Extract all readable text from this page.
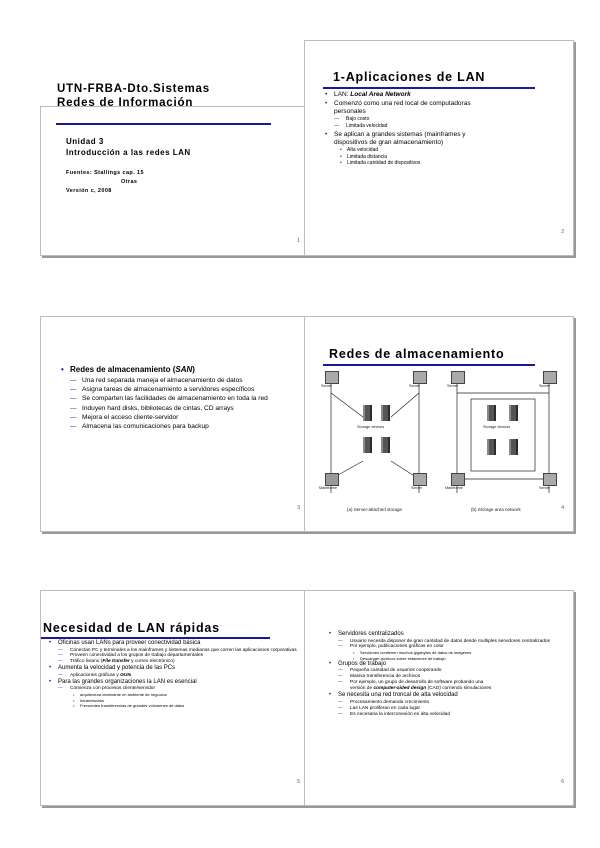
UTN-FRBA-Dto.Sistemas
Redes de Información
Unidad 3
Introducción a las redes LAN
Fuentes: Stallings cap. 15
Otras
Versión c, 2008
1
1-Aplicaciones de LAN
• LAN: Local Area Network
• Comenzó como una red local de computadoras
personales
— Bajo costo
— Limitada velocidad
• Se aplican a grandes sistemas (mainframes y
dispositivos de gran almacenamiento)
• Alta velocidad
• Limitada distancia
• Limitada cantidad de dispositivos
2
• Redes de almacenamiento (SAN)
— Una red separada maneja el almacenamiento de datos
— Asigna tareas de almacenamiento a servidores específicos
— Se comparten las facilidades de almacenamiento en toda la red
— Induyen hard disks, bibliotecas de cintas, CD arrays
— Mejora el acceso cliente-servidor
— Almacena las comunicaciones para backup
3
Redes de almacenamiento
Server	Server
Storage devices
Mainframe	Server
Server	Server
Storage devices
Mainframe	Server
(a) Server-attached storage	(b) Storage area network	4
Necesidad de LAN rápidas
• Oficinas usan LANs para proveer conectividad básica
— Conectan PC y terminales a los mainframes y sistemas medianos que corren las aplicaciones corporativas
— Proveen conectividad a los grupos de trabajo departamentales
— Tráfico liviano (File transfer y correo electrónico)
• Aumenta la velocidad y potencia de las PCs
— Aplicaciones gráficas y GUIs
• Para las grandes organizaciones la LAN es esencial
— Comienza con procesos cliente/servidor
• arquitectura dominante en ambiente de negocios
• Intranetworks
• Frecuentes transferencias de grandes volúmenes de datos
5
• Servidores centralizados
— Usuario necesita disponer de gran cantidad de datos desde multiples servidores centralizados
— Por ejemplo, publicaciones gráficas en color
• Servidores contienen muchos gigabytes de datos de imágenes
• Descargan archivos sobre estaciones de trabajo
• Grupos de trabajo
— Pequeña cantidad de usuarios cooperando
— Masiva transferencia de archivos
— Por ejemplo, un grupo de desarrollo de software probando una
versión de computer-aided design (CAD) corriendo simulaciones
• Se necesita una red troncal de alta velocidad
— Procesamiento demanda crecimiento
— Las LAN proliferan en cada lugar
— Es necesaria la interconexión en alta velocidad
6
